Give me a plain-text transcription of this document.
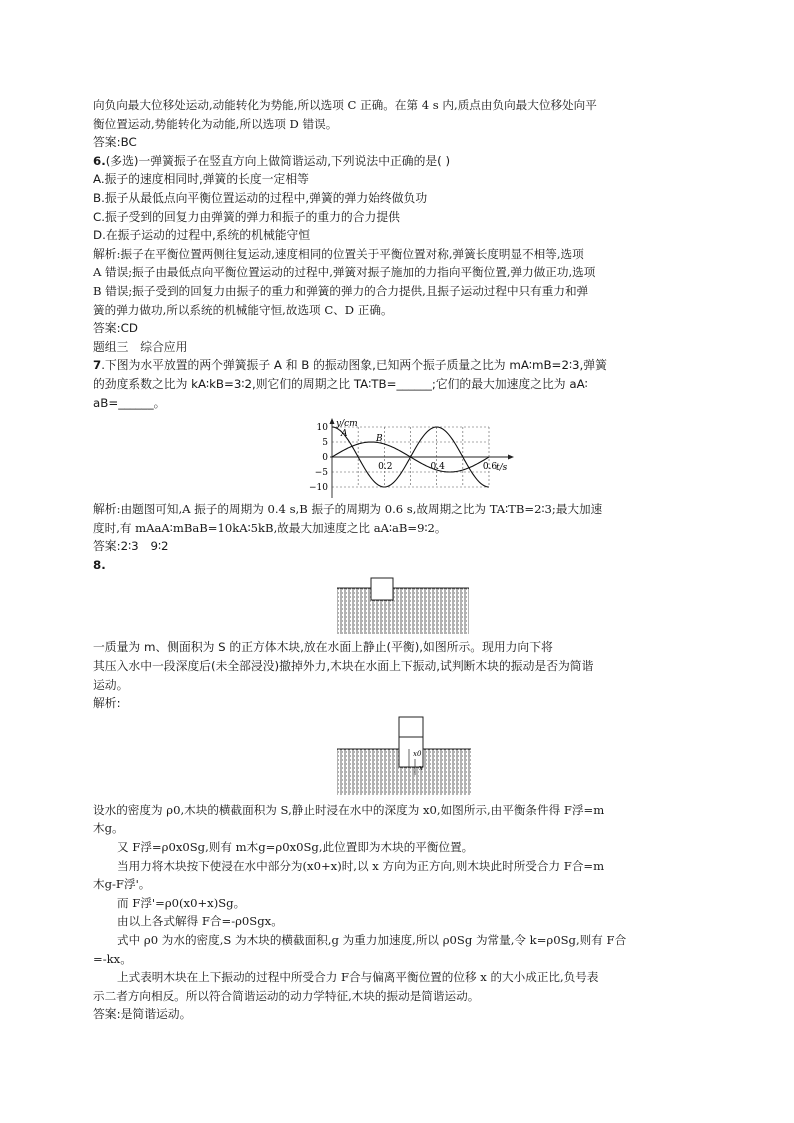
向负向最大位移处运动,动能转化为势能,所以选项 C 正确。在第 4 s 内,质点由负向最大位移处向平
衡位置运动,势能转化为动能,所以选项 D 错误。
答案:BC
6.(多选)一弹簧振子在竖直方向上做简谐运动,下列说法中正确的是( )
A.振子的速度相同时,弹簧的长度一定相等
B.振子从最低点向平衡位置运动的过程中,弹簧的弹力始终做负功
C.振子受到的回复力由弹簧的弹力和振子的重力的合力提供
D.在振子运动的过程中,系统的机械能守恒
解析:振子在平衡位置两侧往复运动,速度相同的位置关于平衡位置对称,弹簧长度明显不相等,选项
A 错误;振子由最低点向平衡位置运动的过程中,弹簧对振子施加的力指向平衡位置,弹力做正功,选项
B 错误;振子受到的回复力由振子的重力和弹簧的弹力的合力提供,且振子运动过程中只有重力和弹
簧的弹力做功,所以系统的机械能守恒,故选项 C、D 正确。
答案:CD
题组三　综合应用
7.下图为水平放置的两个弹簧振子 A 和 B 的振动图象,已知两个振子质量之比为 mA∶mB=2∶3,弹簧
的劲度系数之比为 kA∶kB=3∶2,则它们的周期之比 TA∶TB=______;它们的最大加速度之比为 aA∶
aB=______。
y/cm
t/s
10
5
0
−5
−10
0.2	0.4	0.6
A	B
解析:由题图可知,A 振子的周期为 0.4 s,B 振子的周期为 0.6 s,故周期之比为 TA∶TB=2∶3;最大加速
度时,有 mAaA∶mBaB=10kA∶5kB,故最大加速度之比 aA∶aB=9∶2。
答案:2∶3　9∶2
8.
一质量为 m、侧面积为 S 的正方体木块,放在水面上静止(平衡),如图所示。现用力向下将
其压入水中一段深度后(未全部浸没)撤掉外力,木块在水面上下振动,试判断木块的振动是否为简谐
运动。
解析:
x0
x
设水的密度为 ρ0,木块的横截面积为 S,静止时浸在水中的深度为 x0,如图所示,由平衡条件得 F浮=m
木g。
又 F浮=ρ0x0Sg,则有 m木g=ρ0x0Sg,此位置即为木块的平衡位置。
当用力将木块按下使浸在水中部分为(x0+x)时,以 x 方向为正方向,则木块此时所受合力 F合=m
木g-F浮'。
而 F浮'=ρ0(x0+x)Sg。
由以上各式解得 F合=-ρ0Sgx。
式中 ρ0 为水的密度,S 为木块的横截面积,g 为重力加速度,所以 ρ0Sg 为常量,令 k=ρ0Sg,则有 F合
=-kx。
上式表明木块在上下振动的过程中所受合力 F合与偏离平衡位置的位移 x 的大小成正比,负号表
示二者方向相反。所以符合简谐运动的动力学特征,木块的振动是简谐运动。
答案:是简谐运动。
